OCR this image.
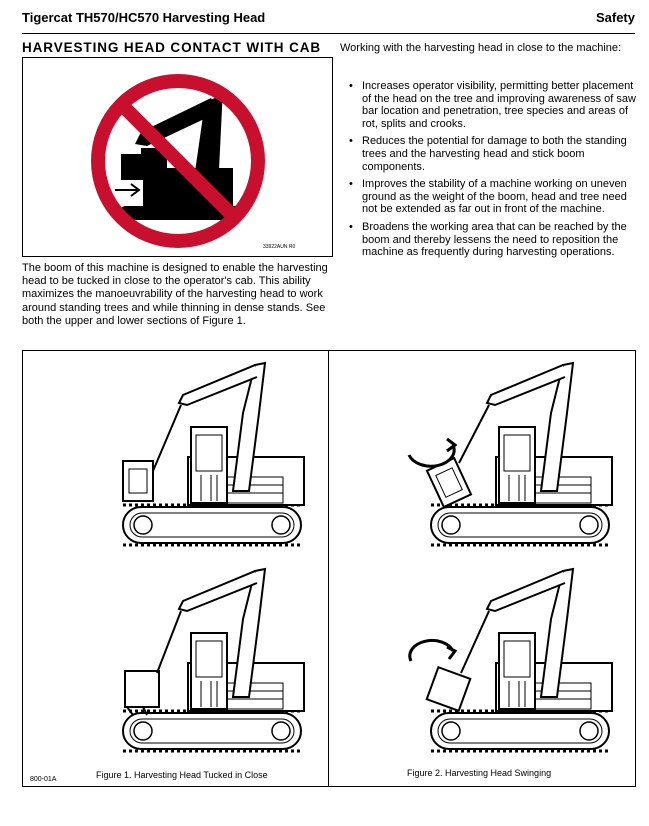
Tigercat TH570/HC570 Harvesting Head	Safety
HARVESTING HEAD CONTACT WITH CAB
33922AUN R0
The boom of this machine is designed to enable the harvesting head to be tucked in close to the operator's cab. This ability maximizes the manoeuvrability of the harvesting head to work around standing trees and while thinning in dense stands. See both the upper and lower sections of Figure 1.
Working with the harvesting head in close to the machine:
• Increases operator visibility, permitting better placement of the head on the tree and improving awareness of saw bar location and penetration, tree species and areas of rot, splits and crooks.
• Reduces the potential for damage to both the standing trees and the harvesting head and stick boom components.
• Improves the stability of a machine working on uneven ground as the weight of the boom, head and tree need not be extended as far out in front of the machine.
• Broadens the working area that can be reached by the boom and thereby lessens the need to reposition the machine as frequently during harvesting operations.
800-01A	Figure 1. Harvesting Head Tucked in Close	Figure 2. Harvesting Head Swinging
